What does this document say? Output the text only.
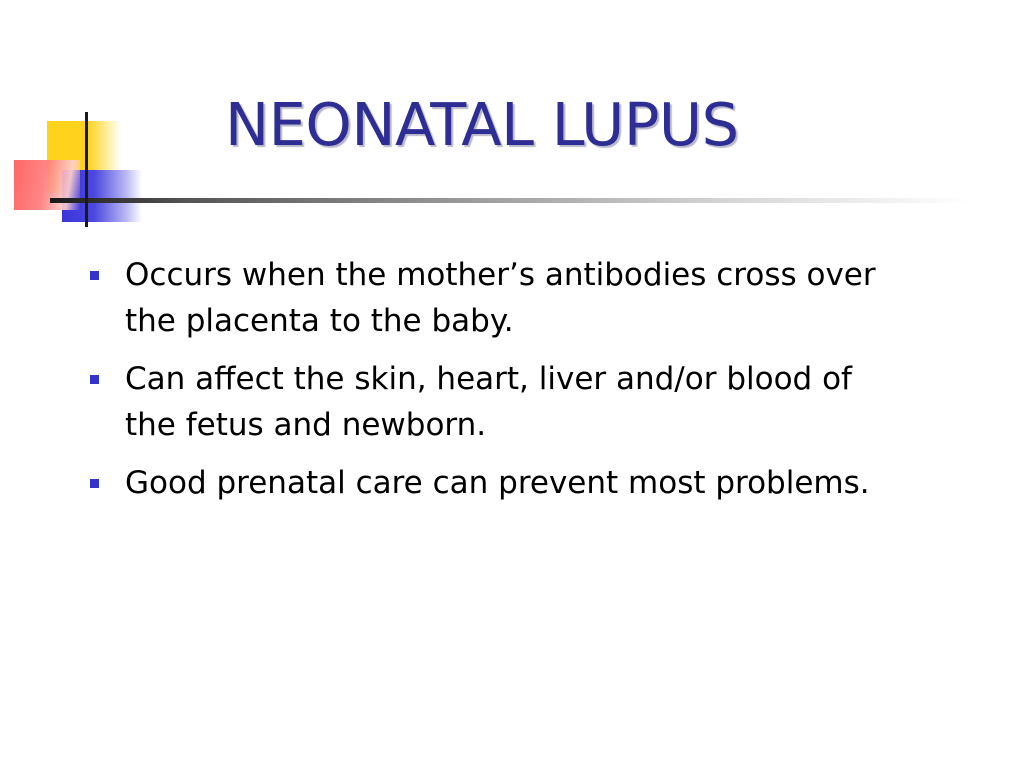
NEONATAL LUPUS
Occurs when the mother’s antibodies cross over
the placenta to the baby.
Can affect the skin, heart, liver and/or blood of
the fetus and newborn.
Good prenatal care can prevent most problems.
